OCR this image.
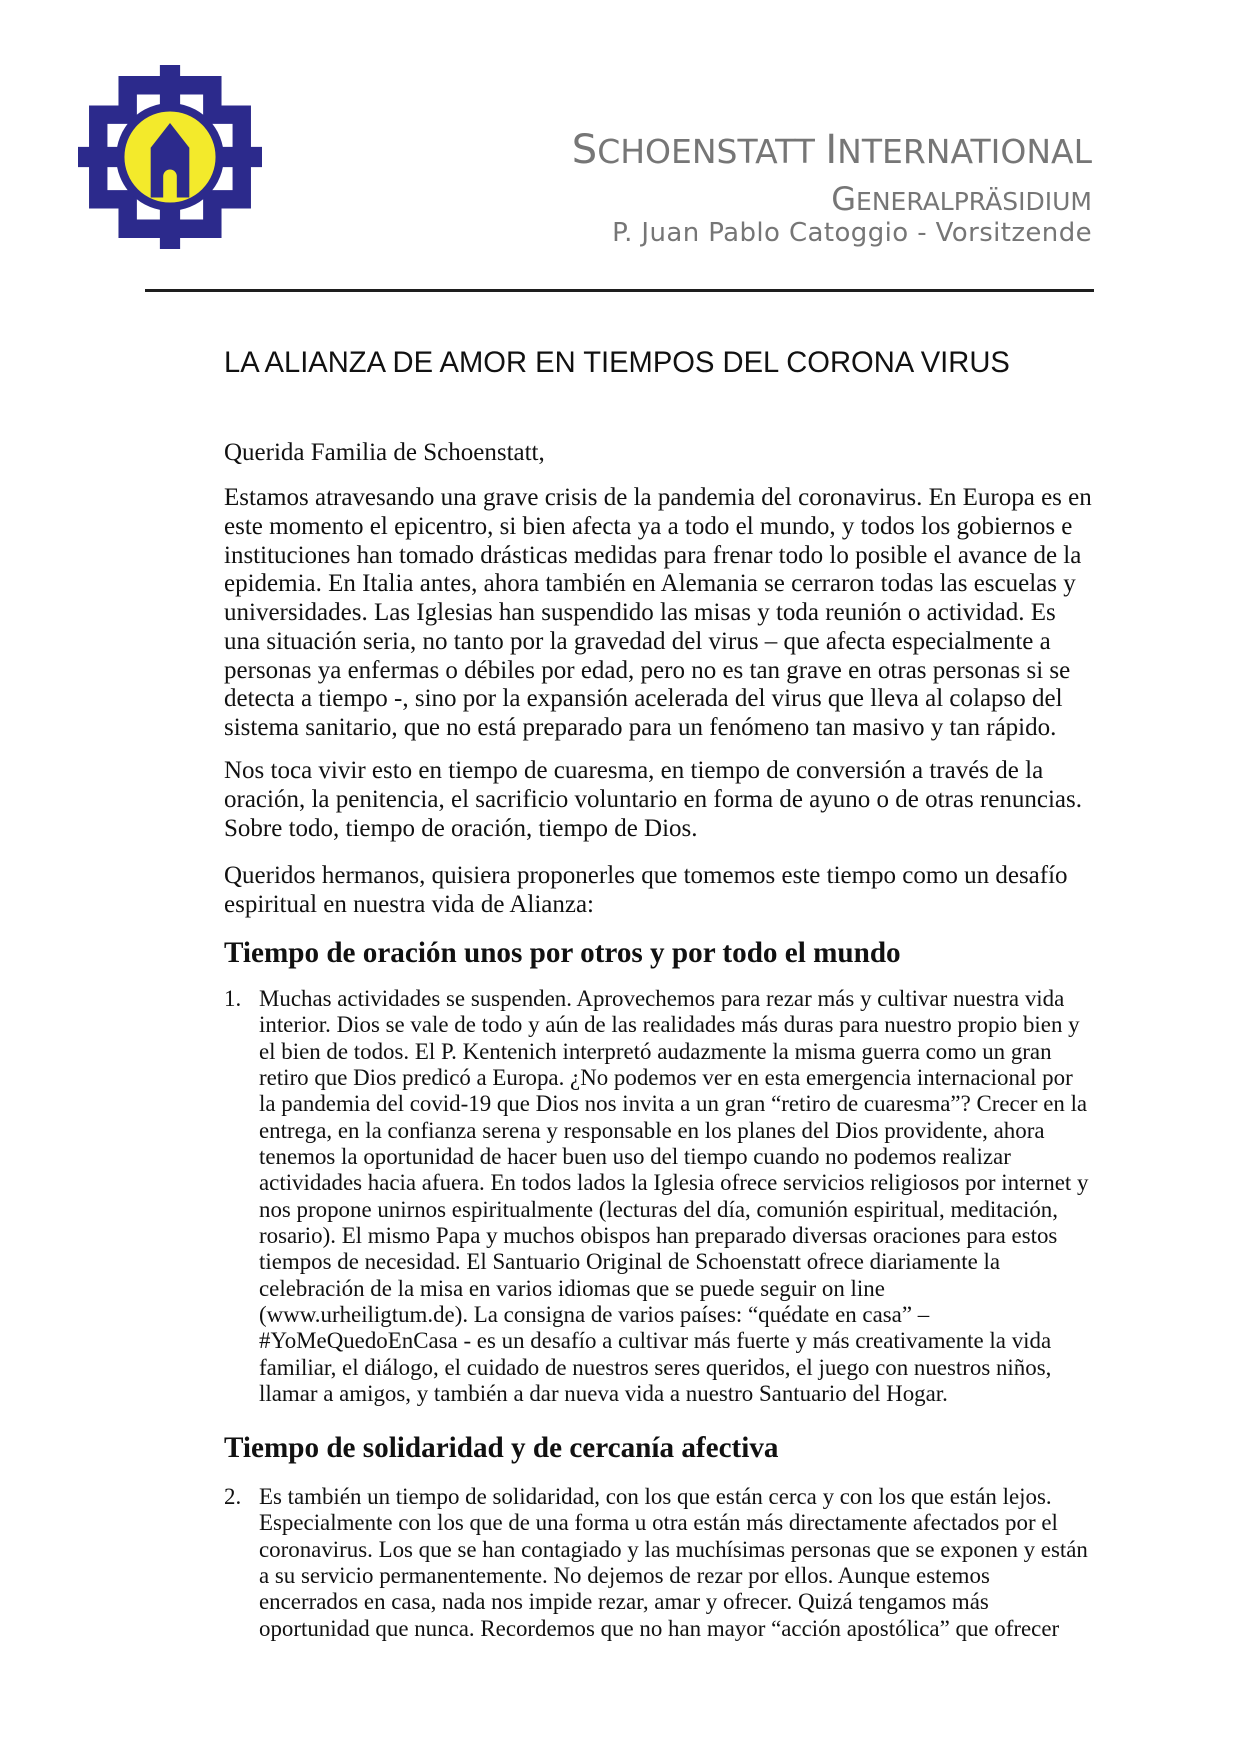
SCHOENSTATT INTERNATIONAL
GENERALPRÄSIDIUM
P. Juan Pablo Catoggio - Vorsitzende
LA ALIANZA DE AMOR EN TIEMPOS DEL CORONA VIRUS
Querida Familia de Schoenstatt,
Estamos atravesando una grave crisis de la pandemia del coronavirus. En Europa es en
este momento el epicentro, si bien afecta ya a todo el mundo, y todos los gobiernos e
instituciones han tomado drásticas medidas para frenar todo lo posible el avance de la
epidemia. En Italia antes, ahora también en Alemania se cerraron todas las escuelas y
universidades. Las Iglesias han suspendido las misas y toda reunión o actividad. Es
una situación seria, no tanto por la gravedad del virus – que afecta especialmente a
personas ya enfermas o débiles por edad, pero no es tan grave en otras personas si se
detecta a tiempo -, sino por la expansión acelerada del virus que lleva al colapso del
sistema sanitario, que no está preparado para un fenómeno tan masivo y tan rápido.
Nos toca vivir esto en tiempo de cuaresma, en tiempo de conversión a través de la
oración, la penitencia, el sacrificio voluntario en forma de ayuno o de otras renuncias.
Sobre todo, tiempo de oración, tiempo de Dios.
Queridos hermanos, quisiera proponerles que tomemos este tiempo como un desafío
espiritual en nuestra vida de Alianza:
Tiempo de oración unos por otros y por todo el mundo
1. Muchas actividades se suspenden. Aprovechemos para rezar más y cultivar nuestra vida
interior. Dios se vale de todo y aún de las realidades más duras para nuestro propio bien y
el bien de todos. El P. Kentenich interpretó audazmente la misma guerra como un gran
retiro que Dios predicó a Europa. ¿No podemos ver en esta emergencia internacional por
la pandemia del covid-19 que Dios nos invita a un gran “retiro de cuaresma”? Crecer en la
entrega, en la confianza serena y responsable en los planes del Dios providente, ahora
tenemos la oportunidad de hacer buen uso del tiempo cuando no podemos realizar
actividades hacia afuera. En todos lados la Iglesia ofrece servicios religiosos por internet y
nos propone unirnos espiritualmente (lecturas del día, comunión espiritual, meditación,
rosario). El mismo Papa y muchos obispos han preparado diversas oraciones para estos
tiempos de necesidad. El Santuario Original de Schoenstatt ofrece diariamente la
celebración de la misa en varios idiomas que se puede seguir on line
(www.urheiligtum.de). La consigna de varios países: “quédate en casa” –
#YoMeQuedoEnCasa - es un desafío a cultivar más fuerte y más creativamente la vida
familiar, el diálogo, el cuidado de nuestros seres queridos, el juego con nuestros niños,
llamar a amigos, y también a dar nueva vida a nuestro Santuario del Hogar.
Tiempo de solidaridad y de cercanía afectiva
2. Es también un tiempo de solidaridad, con los que están cerca y con los que están lejos.
Especialmente con los que de una forma u otra están más directamente afectados por el
coronavirus. Los que se han contagiado y las muchísimas personas que se exponen y están
a su servicio permanentemente. No dejemos de rezar por ellos. Aunque estemos
encerrados en casa, nada nos impide rezar, amar y ofrecer. Quizá tengamos más
oportunidad que nunca. Recordemos que no han mayor “acción apostólica” que ofrecer
